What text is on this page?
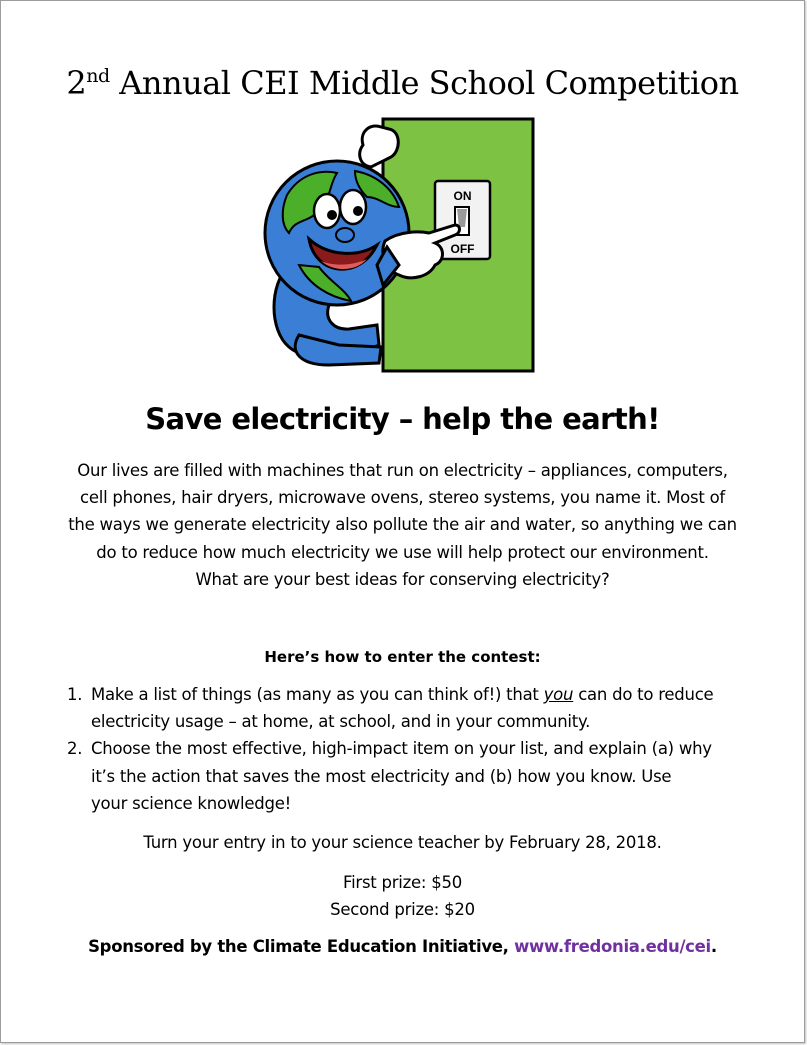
2nd Annual CEI Middle School Competition
ON
OFF
Save electricity – help the earth!
Our lives are filled with machines that run on electricity – appliances, computers,
cell phones, hair dryers, microwave ovens, stereo systems, you name it. Most of
the ways we generate electricity also pollute the air and water, so anything we can
do to reduce how much electricity we use will help protect our environment.
What are your best ideas for conserving electricity?
Here’s how to enter the contest:
1. Make a list of things (as many as you can think of!) that you can do to reduce
electricity usage – at home, at school, and in your community.
2. Choose the most effective, high-impact item on your list, and explain (a) why
it’s the action that saves the most electricity and (b) how you know. Use
your science knowledge!
Turn your entry in to your science teacher by February 28, 2018.
First prize: $50
Second prize: $20
Sponsored by the Climate Education Initiative, www.fredonia.edu/cei.
